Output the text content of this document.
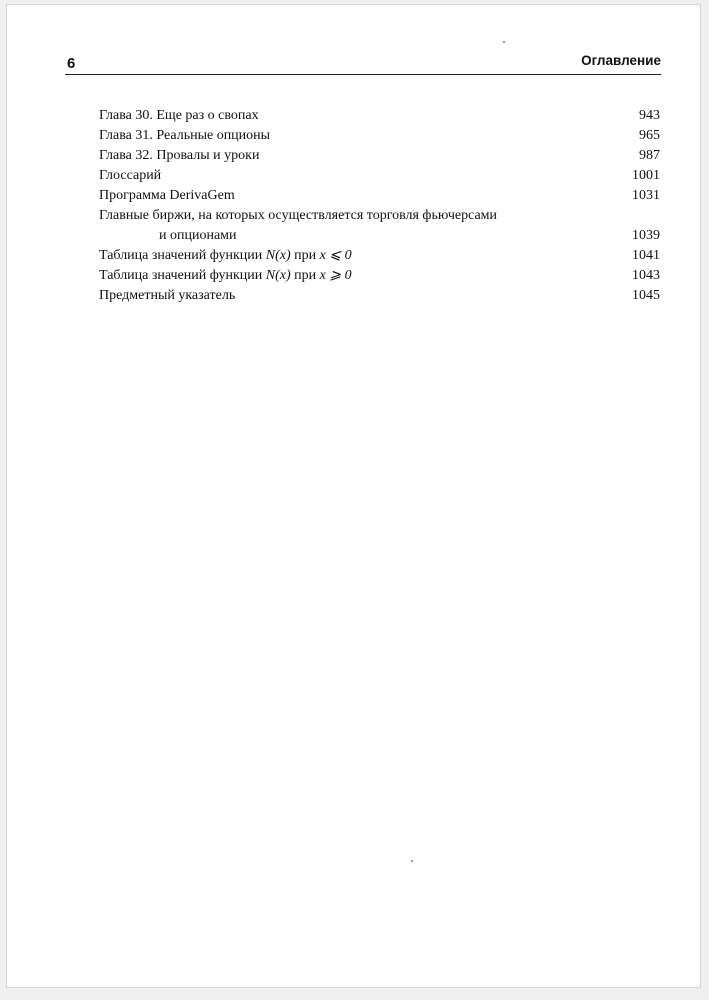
6	Оглавление
Глава 30. Еще раз о свопах	943
Глава 31. Реальные опционы	965
Глава 32. Провалы и уроки	987
Глоссарий	1001
Программа DerivaGem	1031
Главные биржи, на которых осуществляется торговля фьючерсами
и опционами	1039
Таблица значений функции N(x) при x ⩽ 0	1041
Таблица значений функции N(x) при x ⩾ 0	1043
Предметный указатель	1045
